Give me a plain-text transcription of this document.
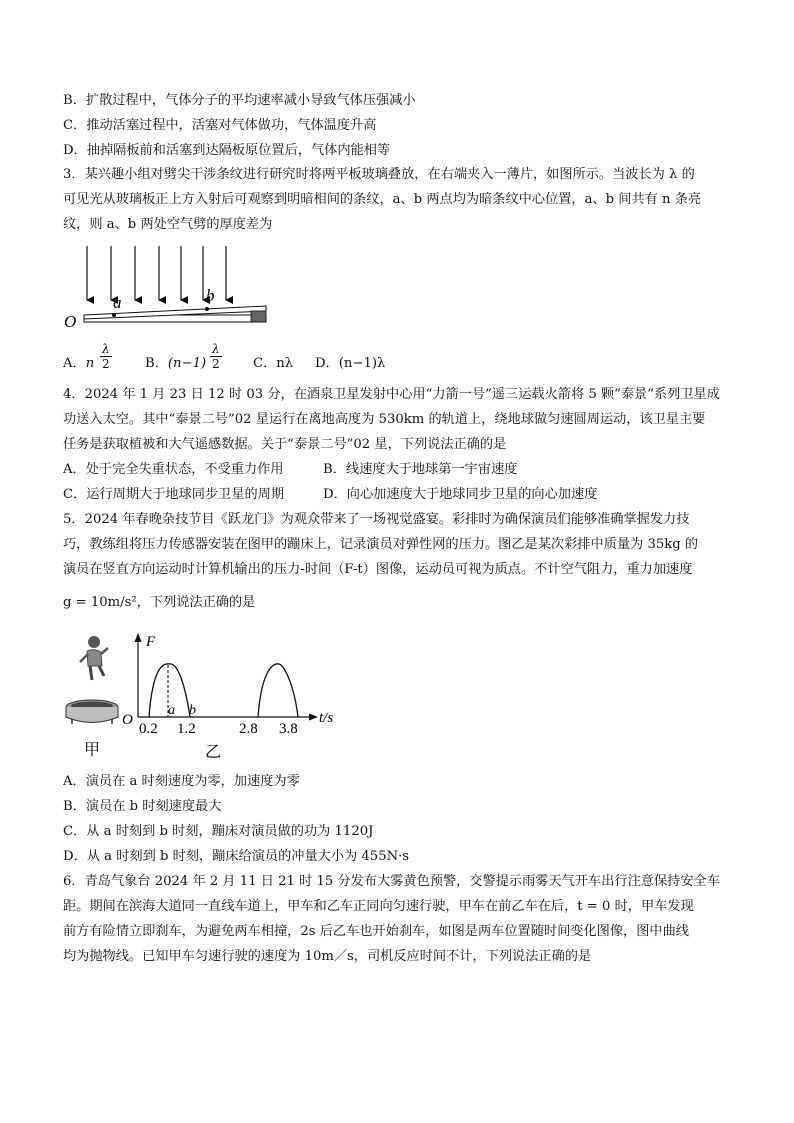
B．扩散过程中，气体分子的平均速率减小导致气体压强减小
C．推动活塞过程中，活塞对气体做功，气体温度升高
D．抽掉隔板前和活塞到达隔板原位置后，气体内能相等
3．某兴趣小组对劈尖干涉条纹进行研究时将两平板玻璃叠放，在右端夹入一薄片，如图所示。当波长为 λ 的
可见光从玻璃板正上方入射后可观察到明暗相间的条纹，a、b 两点均为暗条纹中心位置，a、b 间共有 n 条亮
纹，则 a、b 两处空气劈的厚度差为
a	b
O
A．n $\frac{\lambda}{2}$	B．$(n-1) \frac{\lambda}{2}$ C．nλ D．(n−1)λ
4．2024 年 1 月 23 日 12 时 03 分，在酒泉卫星发射中心用“力箭一号”遥三运载火箭将 5 颗“泰景”系列卫星成
功送入太空。其中“泰景二号”02 星运行在离地高度为 530km 的轨道上，绕地球做匀速圆周运动，该卫星主要
任务是获取植被和大气遥感数据。关于“泰景二号”02 星，下列说法正确的是
A．处于完全失重状态，不受重力作用	B．线速度大于地球第一宇宙速度
C．运行周期大于地球同步卫星的周期	D．向心加速度大于地球同步卫星的向心加速度
5．2024 年春晚杂技节目《跃龙门》为观众带来了一场视觉盛宴。彩排时为确保演员们能够准确掌握发力技
巧，教练组将压力传感器安装在图甲的蹦床上，记录演员对弹性网的压力。图乙是某次彩排中质量为 35kg 的
演员在竖直方向运动时计算机输出的压力-时间（F-t）图像，运动员可视为质点。不计空气阻力，重力加速度
g = 10m/s²，下列说法正确的是
甲
F
t/s
O
a b
0.2 1.2	2.8 3.8
乙
A．演员在 a 时刻速度为零，加速度为零
B．演员在 b 时刻速度最大
C．从 a 时刻到 b 时刻，蹦床对演员做的功为 1120J
D．从 a 时刻到 b 时刻，蹦床给演员的冲量大小为 455N·s
6．青岛气象台 2024 年 2 月 11 日 21 时 15 分发布大雾黄色预警，交警提示雨雾天气开车出行注意保持安全车
距。期间在滨海大道同一直线车道上，甲车和乙车正同向匀速行驶，甲车在前乙车在后，t = 0 时，甲车发现
前方有险情立即刹车，为避免两车相撞，2s 后乙车也开始刹车，如图是两车位置随时间变化图像，图中曲线
均为抛物线。已知甲车匀速行驶的速度为 10m／s，司机反应时间不计，下列说法正确的是
